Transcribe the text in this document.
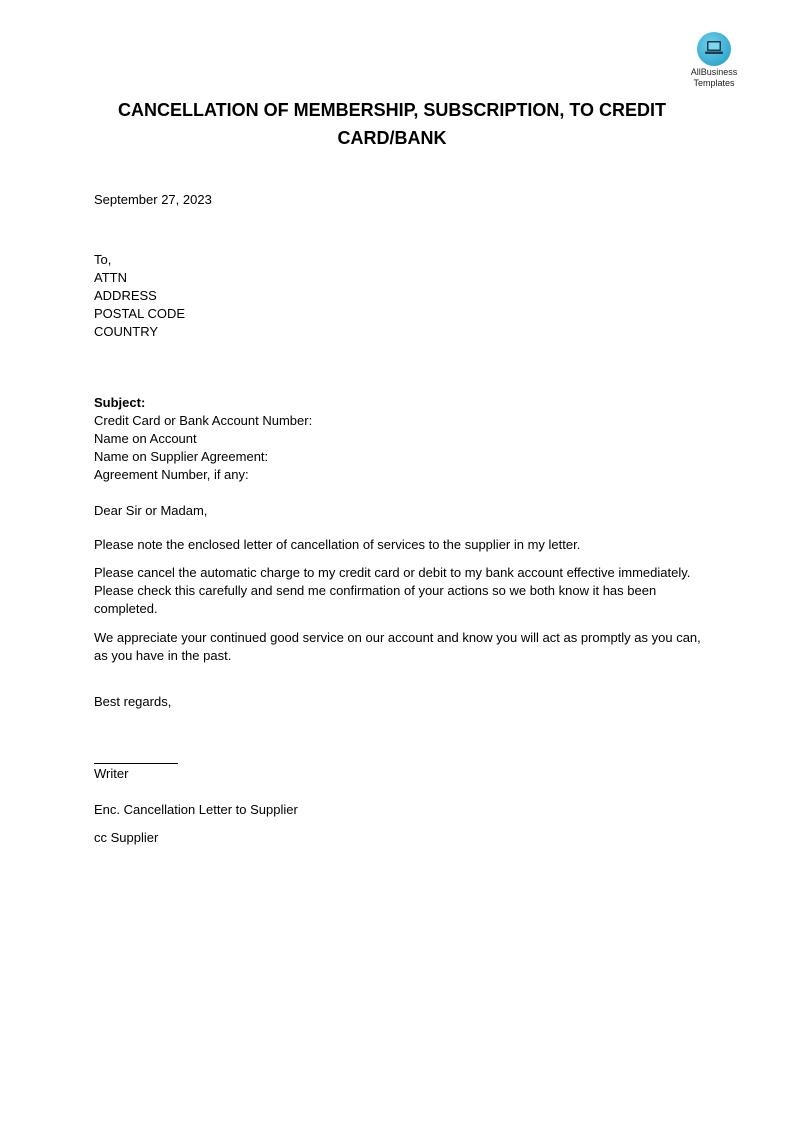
AllBusiness
Templates
CANCELLATION OF MEMBERSHIP, SUBSCRIPTION, TO CREDIT CARD/BANK
September 27, 2023
To,
ATTN
ADDRESS
POSTAL CODE
COUNTRY
Subject:
Credit Card or Bank Account Number:
Name on Account
Name on Supplier Agreement:
Agreement Number, if any:
Dear Sir or Madam,
Please note the enclosed letter of cancellation of services to the supplier in my letter.
Please cancel the automatic charge to my credit card or debit to my bank account effective immediately. Please check this carefully and send me confirmation of your actions so we both know it has been completed.
We appreciate your continued good service on our account and know you will act as promptly as you can, as you have in the past.
Best regards,
Writer
Enc. Cancellation Letter to Supplier
cc Supplier
